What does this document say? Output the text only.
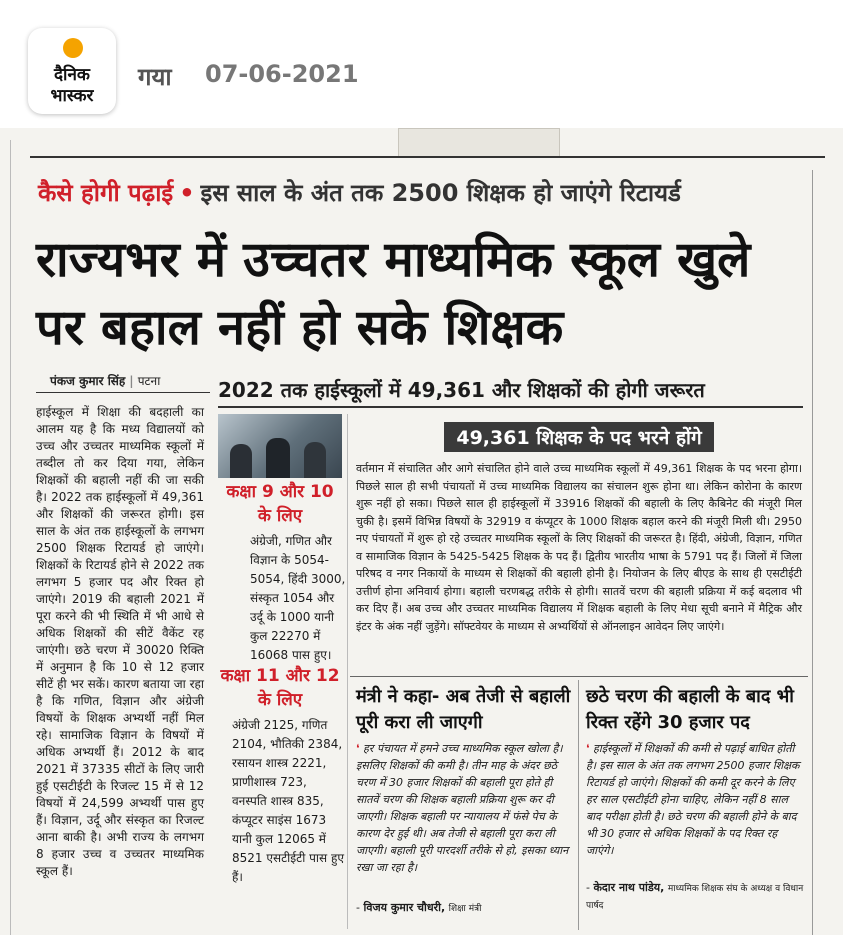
दैनिक
भास्कर
गया 07-06-2021
कैसे होगी पढ़ाई • इस साल के अंत तक 2500 शिक्षक हो जाएंगे रिटायर्ड
राज्यभर में उच्चतर माध्यमिक स्कूल खुले पर बहाल नहीं हो सके शिक्षक
पंकज कुमार सिंह | पटना
हाईस्कूल में शिक्षा की बदहाली का आलम यह है कि मध्य विद्यालयों को उच्च और उच्चतर माध्यमिक स्कूलों में तब्दील तो कर दिया गया, लेकिन शिक्षकों की बहाली नहीं की जा सकी है। 2022 तक हाईस्कूलों में 49,361 और शिक्षकों की जरूरत होगी। इस साल के अंत तक हाईस्कूलों के लगभग 2500 शिक्षक रिटायर्ड हो जाएंगे। शिक्षकों के रिटायर्ड होने से 2022 तक लगभग 5 हजार पद और रिक्त हो जाएंगे। 2019 की बहाली 2021 में पूरा करने की भी स्थिति में भी आधे से अधिक शिक्षकों की सीटें वैकेंट रह जाएंगी। छठे चरण में 30020 रिक्ति में अनुमान है कि 10 से 12 हजार सीटें ही भर सकें। कारण बताया जा रहा है कि गणित, विज्ञान और अंग्रेजी विषयों के शिक्षक अभ्यर्थी नहीं मिल रहे। सामाजिक विज्ञान के विषयों में अधिक अभ्यर्थी हैं। 2012 के बाद 2021 में 37335 सीटों के लिए जारी हुई एसटीईटी के रिजल्ट 15 में से 12 विषयों में 24,599 अभ्यर्थी पास हुए हैं। विज्ञान, उर्दू और संस्कृत का रिजल्ट आना बाकी है। अभी राज्य के लगभग 8 हजार उच्च व उच्चतर माध्यमिक स्कूल हैं।
2022 तक हाईस्कूलों में 49,361 और शिक्षकों की होगी जरूरत
कक्षा 9 और 10 के लिए
अंग्रेजी, गणित और विज्ञान के 5054-5054, हिंदी 3000, संस्कृत 1054 और उर्दू के 1000 यानी कुल 22270 में 16068 पास हुए।
कक्षा 11 और 12 के लिए
अंग्रेजी 2125, गणित 2104, भौतिकी 2384, रसायन शास्त्र 2221, प्राणीशास्त्र 723, वनस्पति शास्त्र 835, कंप्यूटर साइंस 1673 यानी कुल 12065 में 8521 एसटीईटी पास हुए हैं।
49,361 शिक्षक के पद भरने होंगे
वर्तमान में संचालित और आगे संचालित होने वाले उच्च माध्यमिक स्कूलों में 49,361 शिक्षक के पद भरना होगा। पिछले साल ही सभी पंचायतों में उच्च माध्यमिक विद्यालय का संचालन शुरू होना था। लेकिन कोरोना के कारण शुरू नहीं हो सका। पिछले साल ही हाईस्कूलों में 33916 शिक्षकों की बहाली के लिए कैबिनेट की मंजूरी मिल चुकी है। इसमें विभिन्न विषयों के 32919 व कंप्यूटर के 1000 शिक्षक बहाल करने की मंजूरी मिली थी। 2950 नए पंचायतों में शुरू हो रहे उच्चतर माध्यमिक स्कूलों के लिए शिक्षकों की जरूरत है। हिंदी, अंग्रेजी, विज्ञान, गणित व सामाजिक विज्ञान के 5425-5425 शिक्षक के पद हैं। द्वितीय भारतीय भाषा के 5791 पद हैं। जिलों में जिला परिषद व नगर निकायों के माध्यम से शिक्षकों की बहाली होनी है। नियोजन के लिए बीएड के साथ ही एसटीईटी उत्तीर्ण होना अनिवार्य होगा। बहाली चरणबद्ध तरीके से होगी। सातवें चरण की बहाली प्रक्रिया में कई बदलाव भी कर दिए हैं। अब उच्च और उच्चतर माध्यमिक विद्यालय में शिक्षक बहाली के लिए मेधा सूची बनाने में मैट्रिक और इंटर के अंक नहीं जुड़ेंगे। सॉफ्टवेयर के माध्यम से अभ्यर्थियों से ऑनलाइन आवेदन लिए जाएंगे।
मंत्री ने कहा- अब तेजी से बहाली पूरी करा ली जाएगी
❛ हर पंचायत में हमने उच्च माध्यमिक स्कूल खोला है। इसलिए शिक्षकों की कमी है। तीन माह के अंदर छठे चरण में 30 हजार शिक्षकों की बहाली पूरा होते ही सातवें चरण की शिक्षक बहाली प्रक्रिया शुरू कर दी जाएगी। शिक्षक बहाली पर न्यायालय में फंसे पेच के कारण देर हुई थी। अब तेजी से बहाली पूरा करा ली जाएगी। बहाली पूरी पारदर्शी तरीके से हो, इसका ध्यान रखा जा रहा है।
- विजय कुमार चौधरी, शिक्षा मंत्री
छठे चरण की बहाली के बाद भी रिक्त रहेंगे 30 हजार पद
❛ हाईस्कूलों में शिक्षकों की कमी से पढ़ाई बाधित होती है। इस साल के अंत तक लगभग 2500 हजार शिक्षक रिटायर्ड हो जाएंगे। शिक्षकों की कमी दूर करने के लिए हर साल एसटीईटी होना चाहिए, लेकिन नहीं 8 साल बाद परीक्षा होती है। छठे चरण की बहाली होने के बाद भी 30 हजार से अधिक शिक्षकों के पद रिक्त रह जाएंगे।
- केदार नाथ पांडेय, माध्यमिक शिक्षक संघ के अध्यक्ष व विधान पार्षद
